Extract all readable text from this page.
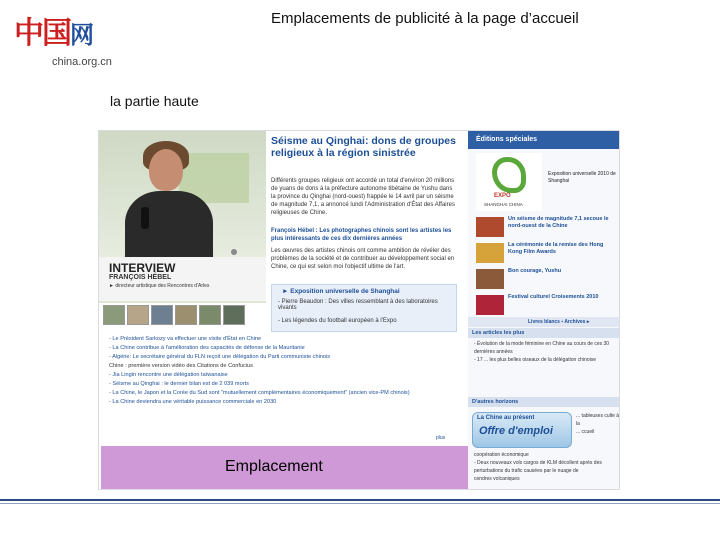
中国网
china.org.cn
Emplacements de publicité à la page d’accueil
la partie haute
INTERVIEW
FRANÇOIS HÉBEL
► directeur artistique des Rencontres d'Arles
Séisme au Qinghai: dons de groupes religieux à la région sinistrée
Différents groupes religieux ont accordé un total d'environ 20 millions de yuans de dons à la préfecture autonome tibétaine de Yushu dans la province du Qinghai (nord-ouest) frappée le 14 avril par un séisme de magnitude 7,1, a annoncé lundi l'Administration d'État des Affaires religieuses de Chine.
François Hébel : Les photographes chinois sont les artistes les plus intéressants de ces dix dernières années
Les œuvres des artistes chinois ont comme ambition de révéler des problèmes de la société et de contribuer au développement social en Chine, ce qui est selon moi l'objectif ultime de l'art.
► Exposition universelle de Shanghai
- Pierre Beaudon : Des villes ressemblant à des laboratoires vivants
- Les légendes du football européen à l'Expo
- Le Président Sarkozy va effectuer une visite d'État en Chine
- La Chine contribue à l'amélioration des capacités de défense de la Mauritanie
- Algérie: Le secrétaire général du FLN reçoit une délégation du Parti communiste chinois
Chine : première version vidéo des Citations de Confucius
- Jia Lingin rencontre une délégation taïwanaise
- Séisme au Qinghai : le dernier bilan est de 2 039 morts
- La Chine, le Japon et la Corée du Sud sont "mutuellement complémentaires économiquement" (ancien vice-PM chinois)
- La Chine deviendra une véritable puissance commerciale en 2030
plus
Emplacement
Éditions spéciales
EXPO
SHANGHAI CHINA
Exposition universelle 2010 de Shanghai
Un séisme de magnitude 7,1 secoue le nord-ouest de la Chine
La cérémonie de la remise des Hong Kong Film Awards
Bon courage, Yushu
Festival culturel Croisements 2010
Livres blancs ▪ Archives ▸
Les articles les plus
- Évolution de la mode féminine en Chine au cours de ces 30 dernières années
- 17 ... les plus belles oiseaux de la délégation chinoise
D'autres horizons
La Chine au présent
Offre d'emploi
... tableuses culte à la
... ccueil
coopération économique
- Deux nouveaux vols cargos de KLM décollent après des perturbations du trafic causées par le nuage de
cendres volcaniques
